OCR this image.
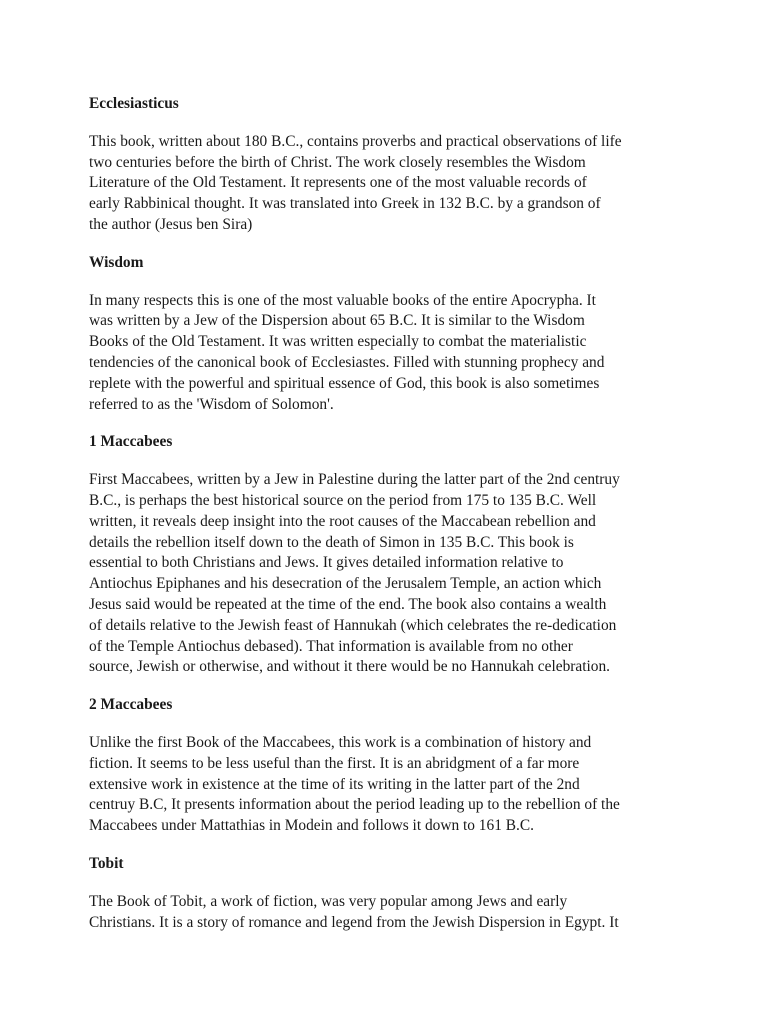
Ecclesiasticus
This book, written about 180 B.C., contains proverbs and practical observations of life
two centuries before the birth of Christ. The work closely resembles the Wisdom
Literature of the Old Testament. It represents one of the most valuable records of
early Rabbinical thought. It was translated into Greek in 132 B.C. by a grandson of
the author (Jesus ben Sira)
Wisdom
In many respects this is one of the most valuable books of the entire Apocrypha. It
was written by a Jew of the Dispersion about 65 B.C. It is similar to the Wisdom
Books of the Old Testament. It was written especially to combat the materialistic
tendencies of the canonical book of Ecclesiastes. Filled with stunning prophecy and
replete with the powerful and spiritual essence of God, this book is also sometimes
referred to as the 'Wisdom of Solomon'.
1 Maccabees
First Maccabees, written by a Jew in Palestine during the latter part of the 2nd centruy
B.C., is perhaps the best historical source on the period from 175 to 135 B.C. Well
written, it reveals deep insight into the root causes of the Maccabean rebellion and
details the rebellion itself down to the death of Simon in 135 B.C. This book is
essential to both Christians and Jews. It gives detailed information relative to
Antiochus Epiphanes and his desecration of the Jerusalem Temple, an action which
Jesus said would be repeated at the time of the end. The book also contains a wealth
of details relative to the Jewish feast of Hannukah (which celebrates the re-dedication
of the Temple Antiochus debased). That information is available from no other
source, Jewish or otherwise, and without it there would be no Hannukah celebration.
2 Maccabees
Unlike the first Book of the Maccabees, this work is a combination of history and
fiction. It seems to be less useful than the first. It is an abridgment of a far more
extensive work in existence at the time of its writing in the latter part of the 2nd
centruy B.C, It presents information about the period leading up to the rebellion of the
Maccabees under Mattathias in Modein and follows it down to 161 B.C.
Tobit
The Book of Tobit, a work of fiction, was very popular among Jews and early
Christians. It is a story of romance and legend from the Jewish Dispersion in Egypt. It
